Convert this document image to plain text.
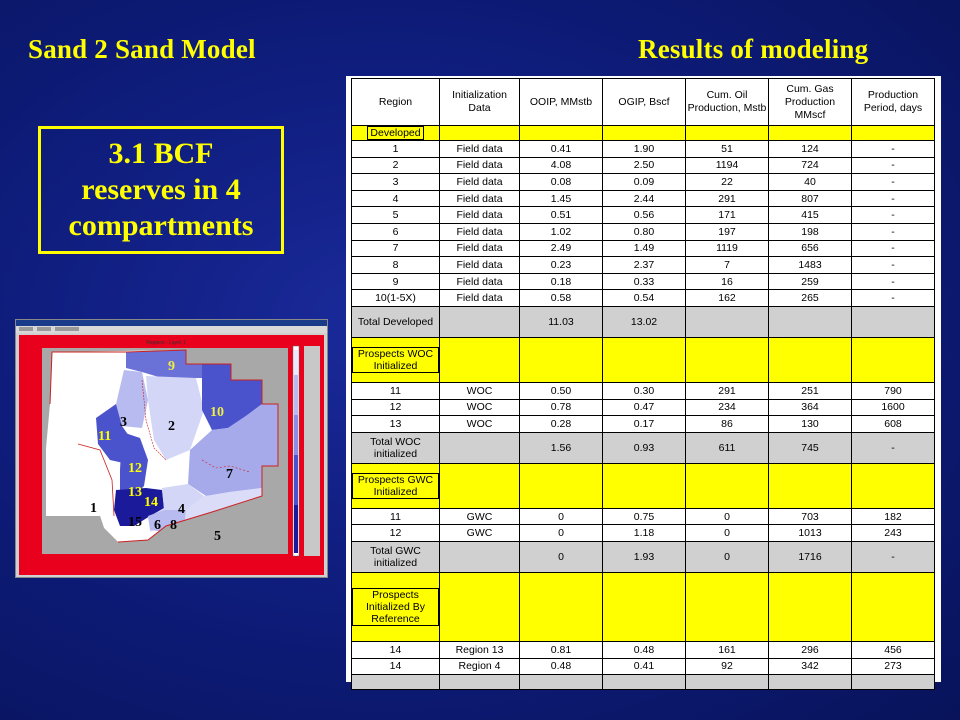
Sand 2 Sand Model	Results of modeling
3.1 BCF
reserves in 4
compartments
Regions - Layer 1
9
10
3	2
11
12	7
13
14
1	4
15 6 8
5
Region	Initialization Data	OOIP, MMstb	OGIP, Bscf	Cum. Oil Production, Mstb	Cum. Gas Production MMscf	Production Period, days
Developed						
1	Field data	0.41	1.90	51	124	-
2	Field data	4.08	2.50	1194	724	-
3	Field data	0.08	0.09	22	40	-
4	Field data	1.45	2.44	291	807	-
5	Field data	0.51	0.56	171	415	-
6	Field data	1.02	0.80	197	198	-
7	Field data	2.49	1.49	1119	656	-
8	Field data	0.23	2.37	7	1483	-
9	Field data	0.18	0.33	16	259	-
10(1-5X)	Field data	0.58	0.54	162	265	-
Total Developed		11.03	13.02			
Prospects WOC Initialized						
11	WOC	0.50	0.30	291	251	790
12	WOC	0.78	0.47	234	364	1600
13	WOC	0.28	0.17	86	130	608
Total WOC initialized		1.56	0.93	611	745	-
Prospects GWC Initialized						
11	GWC	0	0.75	0	703	182
12	GWC	0	1.18	0	1013	243
Total GWC initialized		0	1.93	0	1716	-
Prospects Initialized By Reference						
14	Region 13	0.81	0.48	161	296	456
14	Region 4	0.48	0.41	92	342	273
